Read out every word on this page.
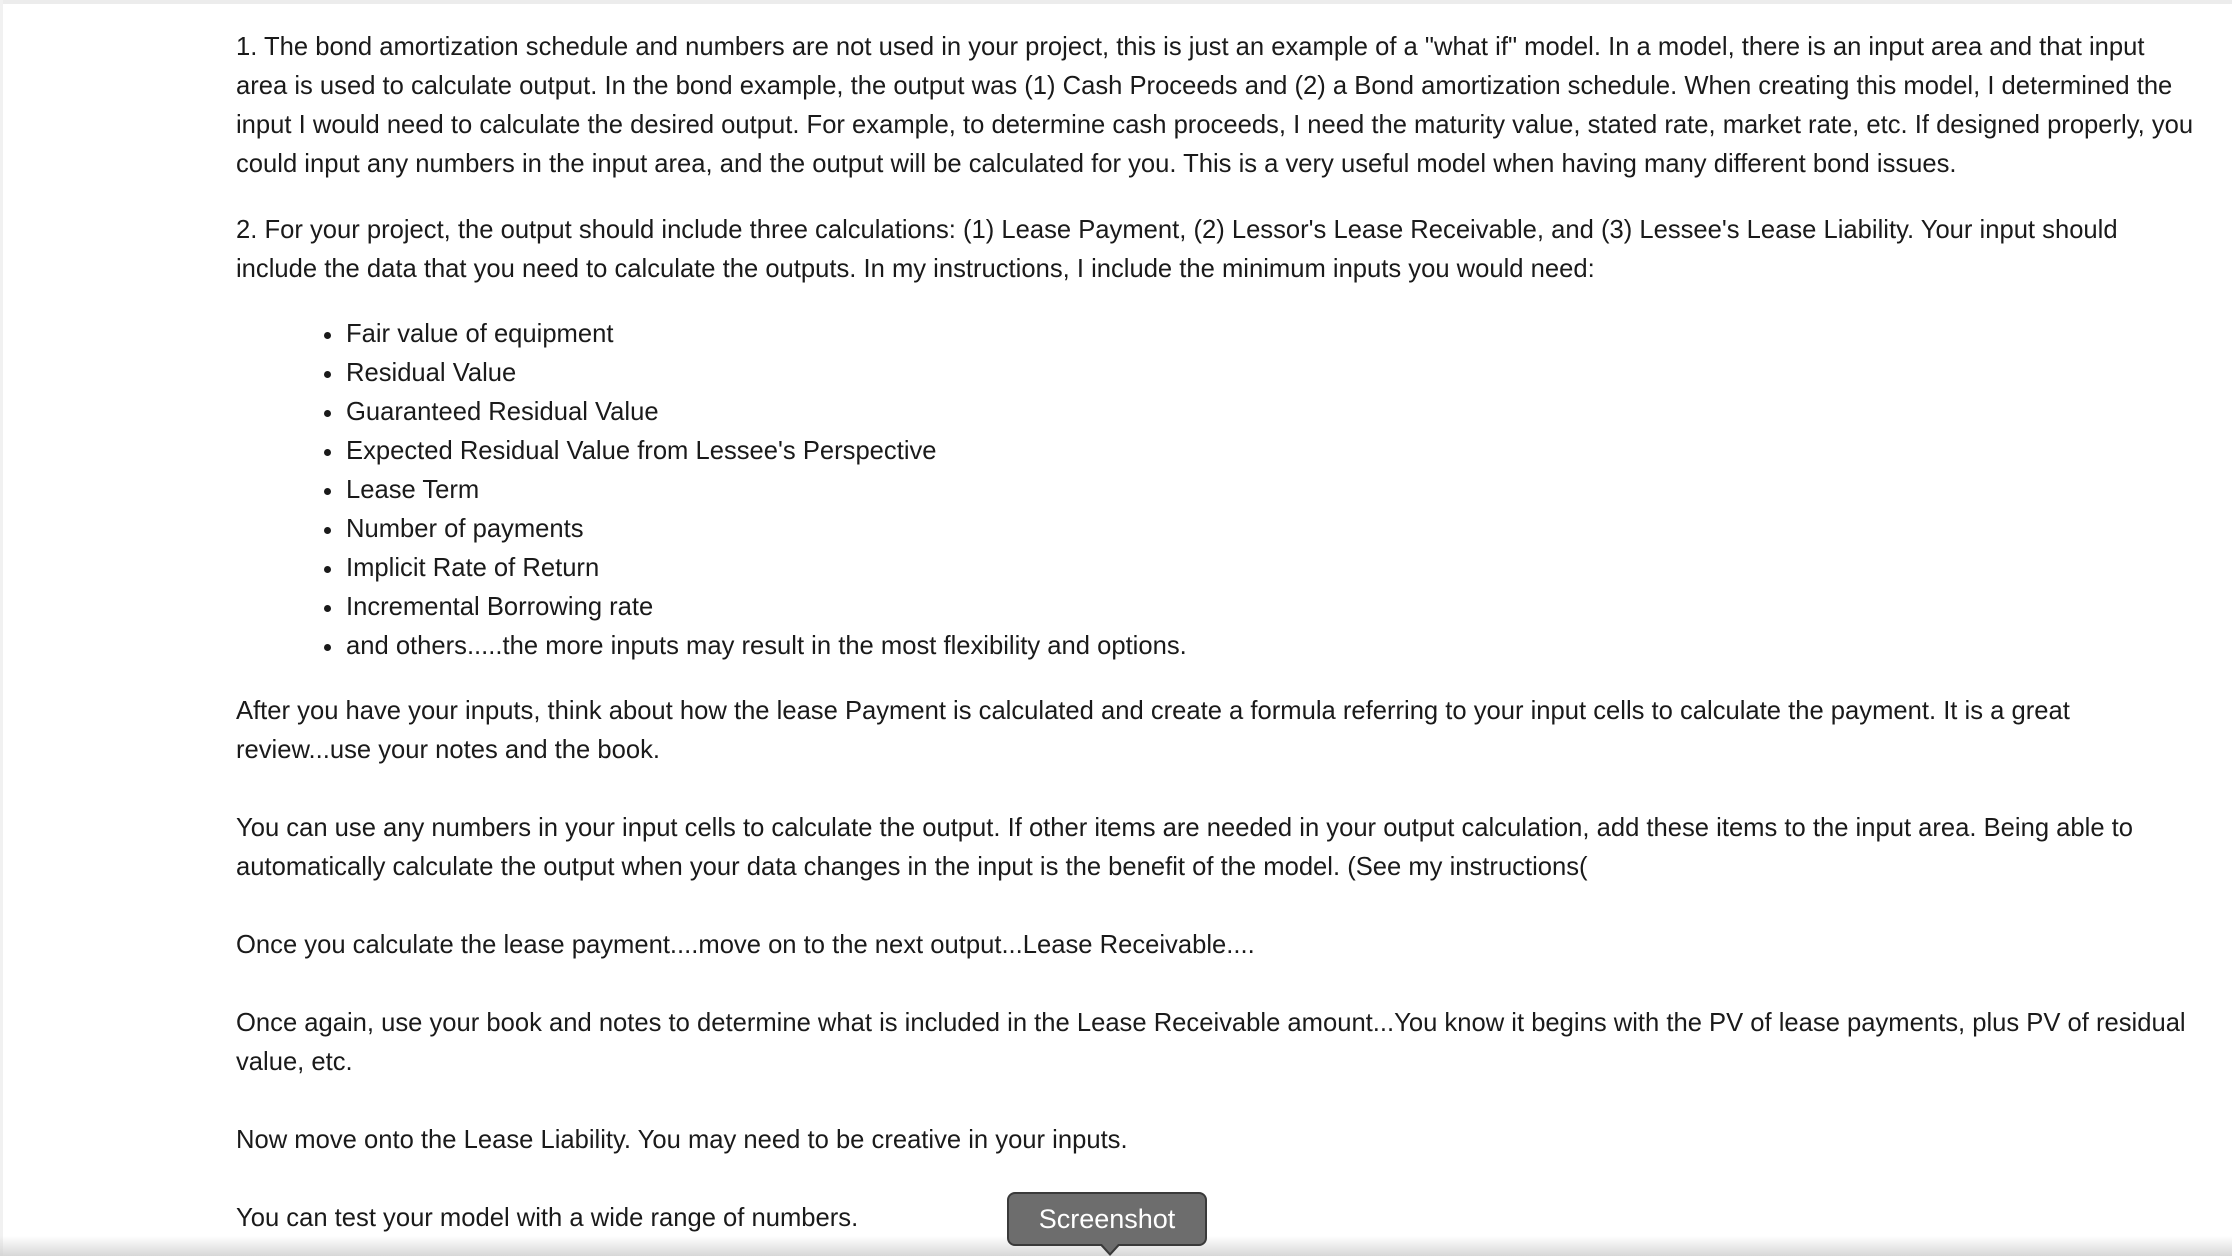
1. The bond amortization schedule and numbers are not used in your project, this is just an example of a "what if" model. In a model, there is an input area and that input area is used to calculate output. In the bond example, the output was (1) Cash Proceeds and (2) a Bond amortization schedule. When creating this model, I determined the input I would need to calculate the desired output. For example, to determine cash proceeds, I need the maturity value, stated rate, market rate, etc. If designed properly, you could input any numbers in the input area, and the output will be calculated for you. This is a very useful model when having many different bond issues.

2. For your project, the output should include three calculations: (1) Lease Payment, (2) Lessor's Lease Receivable, and (3) Lessee's Lease Liability. Your input should include the data that you need to calculate the outputs. In my instructions, I include the minimum inputs you would need:

Fair value of equipment
Residual Value
Guaranteed Residual Value
Expected Residual Value from Lessee's Perspective
Lease Term
Number of payments
Implicit Rate of Return
Incremental Borrowing rate
and others.....the more inputs may result in the most flexibility and options.

After you have your inputs, think about how the lease Payment is calculated and create a formula referring to your input cells to calculate the payment. It is a great review...use your notes and the book.

You can use any numbers in your input cells to calculate the output. If other items are needed in your output calculation, add these items to the input area. Being able to automatically calculate the output when your data changes in the input is the benefit of the model. (See my instructions(

Once you calculate the lease payment....move on to the next output...Lease Receivable....

Once again, use your book and notes to determine what is included in the Lease Receivable amount...You know it begins with the PV of lease payments, plus PV of residual value, etc.

Now move onto the Lease Liability. You may need to be creative in your inputs.

You can test your model with a wide range of numbers.	Screenshot
